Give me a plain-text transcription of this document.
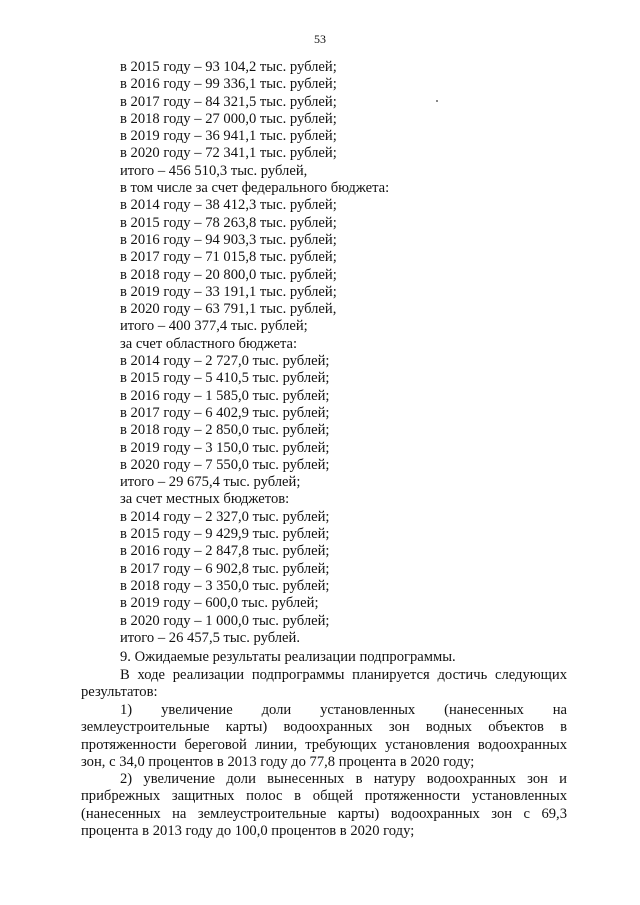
53
в 2015 году – 93 104,2 тыс. рублей;
в 2016 году – 99 336,1 тыс. рублей;
в 2017 году – 84 321,5 тыс. рублей;
в 2018 году – 27 000,0 тыс. рублей;
в 2019 году – 36 941,1 тыс. рублей;
в 2020 году – 72 341,1 тыс. рублей;
итого – 456 510,3 тыс. рублей,
в том числе за счет федерального бюджета:
в 2014 году – 38 412,3 тыс. рублей;
в 2015 году – 78 263,8 тыс. рублей;
в 2016 году – 94 903,3 тыс. рублей;
в 2017 году – 71 015,8 тыс. рублей;
в 2018 году – 20 800,0 тыс. рублей;
в 2019 году – 33 191,1 тыс. рублей;
в 2020 году – 63 791,1 тыс. рублей,
итого – 400 377,4 тыс. рублей;
за счет областного бюджета:
в 2014 году – 2 727,0 тыс. рублей;
в 2015 году – 5 410,5 тыс. рублей;
в 2016 году – 1 585,0 тыс. рублей;
в 2017 году – 6 402,9 тыс. рублей;
в 2018 году – 2 850,0 тыс. рублей;
в 2019 году – 3 150,0 тыс. рублей;
в 2020 году – 7 550,0 тыс. рублей;
итого – 29 675,4 тыс. рублей;
за счет местных бюджетов:
в 2014 году – 2 327,0 тыс. рублей;
в 2015 году – 9 429,9 тыс. рублей;
в 2016 году – 2 847,8 тыс. рублей;
в 2017 году – 6 902,8 тыс. рублей;
в 2018 году – 3 350,0 тыс. рублей;
в 2019 году – 600,0 тыс. рублей;
в 2020 году – 1 000,0 тыс. рублей;
итого – 26 457,5 тыс. рублей.
9. Ожидаемые результаты реализации подпрограммы.
В ходе реализации подпрограммы планируется достичь следующих результатов:
1) увеличение доли установленных (нанесенных на землеустроительные карты) водоохранных зон водных объектов в протяженности береговой линии, требующих установления водоохранных зон, с 34,0 процентов в 2013 году до 77,8 процента в 2020 году;
2) увеличение доли вынесенных в натуру водоохранных зон и прибрежных защитных полос в общей протяженности установленных (нанесенных на землеустроительные карты) водоохранных зон с 69,3 процента в 2013 году до 100,0 процентов в 2020 году;
